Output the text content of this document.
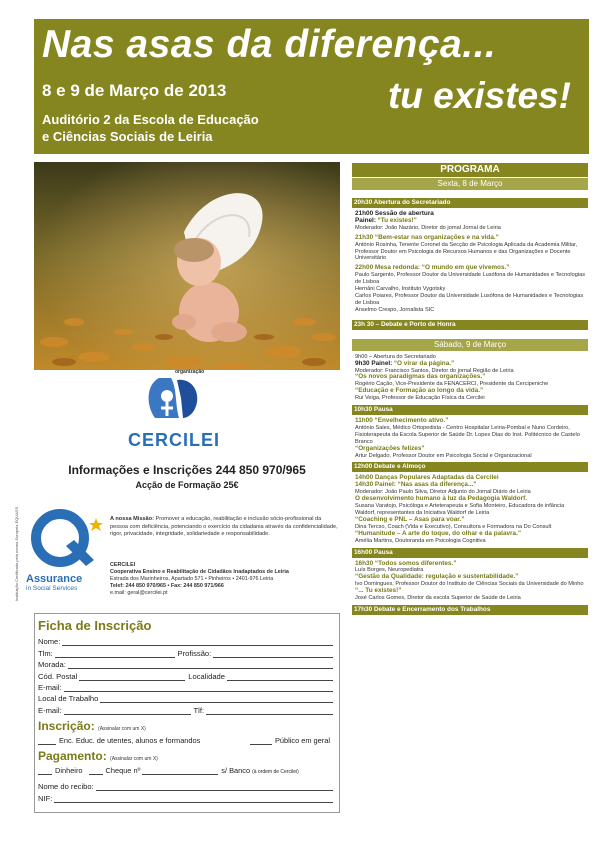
Nas asas da diferença...
8 e 9 de Março de 2013
Auditório 2 da Escola de Educação
e Ciências Sociais de Leiria
tu existes!
organização
CERCILEI
Informações e Inscrições 244 850 970/965
Acção de Formação 25€
Instituição Certificada pela norma Europeia EQUASS Assurance
in Social Services
A nossa Missão: Promover a educação, reabilitação e inclusão sócio-profissional da pessoa com deficiência, potenciando o exercício da cidadania através da confidencialidade, rigor, privacidade, integridade, solidariedade e responsabilidade.
CERCILEI
Cooperativa Ensino e Reabilitação de Cidadãos Inadaptados de Leiria
Estrada dos Marinheiros, Apartado 571 • Pinheiros • 2401-976 Leiria
Telef: 244 850 970/965 • Fax: 244 850 971/966
e.mail: geral@cercilei.pt
Ficha de Inscrição
Nome:
Tlm:	Profissão:
Morada:
Cód. Postal	Localidade
E-mail:
Local de Trabalho
E-mail:	Tlf:
Inscrição: (Assinalar com um X)
Enc. Educ. de utentes, alunos e formandos	Público em geral
Pagamento: (Assinalar com um X)
Dinheiro	Cheque nº	s/ Banco (à ordem de Cercilei)
Nome do recibo:
NIF:
PROGRAMA
Sexta, 8 de Março
20h30 Abertura do Secretariado
21h00 Sessão de abertura
Painel: “Tu existes!”
Moderador: João Nazário, Diretor do jornal Jornal de Leiria
21h30 “Bem-estar nas organizações e na vida.”
António Rosinha, Tenente Coronel da Secção de Psicologia Aplicada da Academia Militar, Professor Doutor em Psicologia de Recursos Humanos e das Organizações e Docente Universitário
22h00 Mesa redonda: “O mundo em que vivemos.”
Paulo Sargento, Professor Doutor da Universidade Lusófona de Humanidades e Tecnologias de Lisboa
Hernâni Carvalho, Instituto Vygotsky
Carlos Poiares, Professor Doutor da Universidade Lusófona de Humanidades e Tecnologias de Lisboa
Anselmo Crespo, Jornalista SIC
23h 30 – Debate e Porto de Honra
Sábado, 9 de Março
9h00 – Abertura do Secretariado
9h30 Painel: “O virar da página.”
Moderador: Francisco Santos, Diretor do jornal Região de Leiria
“Os novos paradigmas das organizações.”
Rogério Cação, Vice-Presidente da FENACERCI, Presidente da Cercipeniche
“Educação e Formação ao longo da vida.”
Rui Veiga, Professor de Educação Física da Cercilei
10h30 Pausa
11h00 “Envelhecimento ativo.”
António Sales, Médico Ortopedista - Centro Hospitalar Leiria-Pombal e Nuno Cordeiro, Fisioterapeuta da Escola Superior de Saúde Dr. Lopes Dias do Inst. Politécnico de Castelo Branco
“Organizações felizes”
Artur Delgado, Professor Doutor em Psicologia Social e Organizacional
12h00 Debate e Almoço
14h00 Danças Populares Adaptadas da Cercilei
14h30 Painel: “Nas asas da diferença...”
Moderador: João Paulo Silva, Diretor Adjunto do Jornal Diário de Leiria
O desenvolvimento humano à luz da Pedagogia Waldorf.
Susana Varatojo, Psicóloga e Arteterapeuta e Sofia Monteiro, Educadora de infância Waldorf, representantes da Iniciativa Waldorf de Leiria
“Coaching e PNL – Asas para voar.”
Dina Tercso, Coach (Vida e Executivo), Consultora e Formadora na Do Consult
“Humanitude – A arte do toque, do olhar e da palavra.”
Amélia Martins, Doutoranda em Psicologia Cognitiva
16h00 Pausa
16h30 “Todos somos diferentes.”
Luís Borges, Neuropediatra
“Gestão da Qualidade: regulação e sustentabilidade.”
Ivo Domingues, Professor Doutor do Instituto de Ciências Sociais da Universidade do Minho
“... Tu existes!”
José Carlos Gomes, Diretor da escola Superior de Saúde de Leiria
17h30 Debate e Encerramento dos Trabalhos
